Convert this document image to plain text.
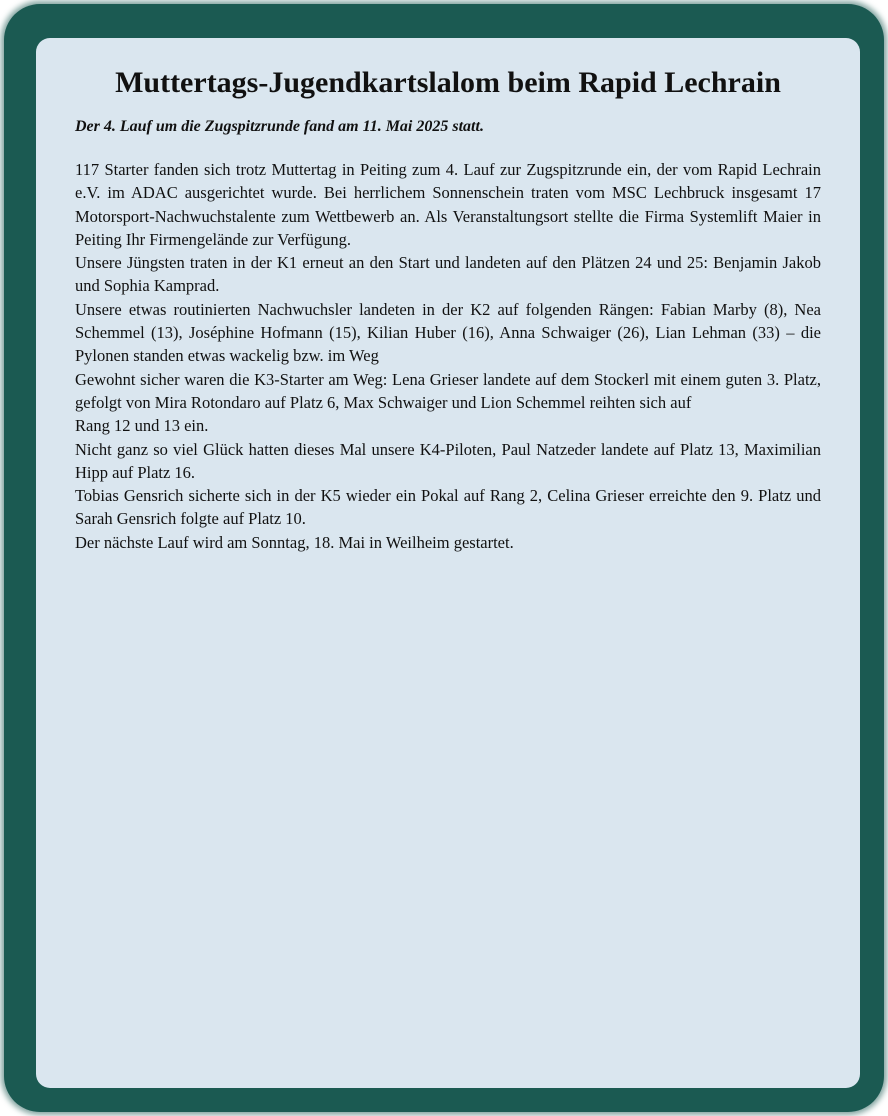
Muttertags-Jugendkartslalom beim Rapid Lechrain

Der 4. Lauf um die Zugspitzrunde fand am 11. Mai 2025 statt.

117 Starter fanden sich trotz Muttertag in Peiting zum 4. Lauf zur Zugspitzrunde ein, der vom Rapid Lechrain e.V. im ADAC ausgerichtet wurde. Bei herrlichem Sonnenschein traten vom MSC Lechbruck insgesamt 17 Motorsport-Nachwuchstalente zum Wettbewerb an. Als Veranstaltungsort stellte die Firma Systemlift Maier in Peiting Ihr Firmengelände zur Verfügung.

Unsere Jüngsten traten in der K1 erneut an den Start und landeten auf den Plätzen 24 und 25: Benjamin Jakob und Sophia Kamprad.

Unsere etwas routinierten Nachwuchsler landeten in der K2 auf folgenden Rängen: Fabian Marby (8), Nea Schemmel (13), Joséphine Hofmann (15), Kilian Huber (16), Anna Schwaiger (26), Lian Lehman (33) – die Pylonen standen etwas wackelig bzw. im Weg

Gewohnt sicher waren die K3-Starter am Weg: Lena Grieser landete auf dem Stockerl mit einem guten 3. Platz, gefolgt von Mira Rotondaro auf Platz 6, Max Schwaiger und Lion Schemmel reihten sich auf

Rang 12 und 13 ein.

Nicht ganz so viel Glück hatten dieses Mal unsere K4-Piloten, Paul Natzeder landete auf Platz 13, Maximilian Hipp auf Platz 16.

Tobias Gensrich sicherte sich in der K5 wieder ein Pokal auf Rang 2, Celina Grieser erreichte den 9. Platz und Sarah Gensrich folgte auf Platz 10.

Der nächste Lauf wird am Sonntag, 18. Mai in Weilheim gestartet.
